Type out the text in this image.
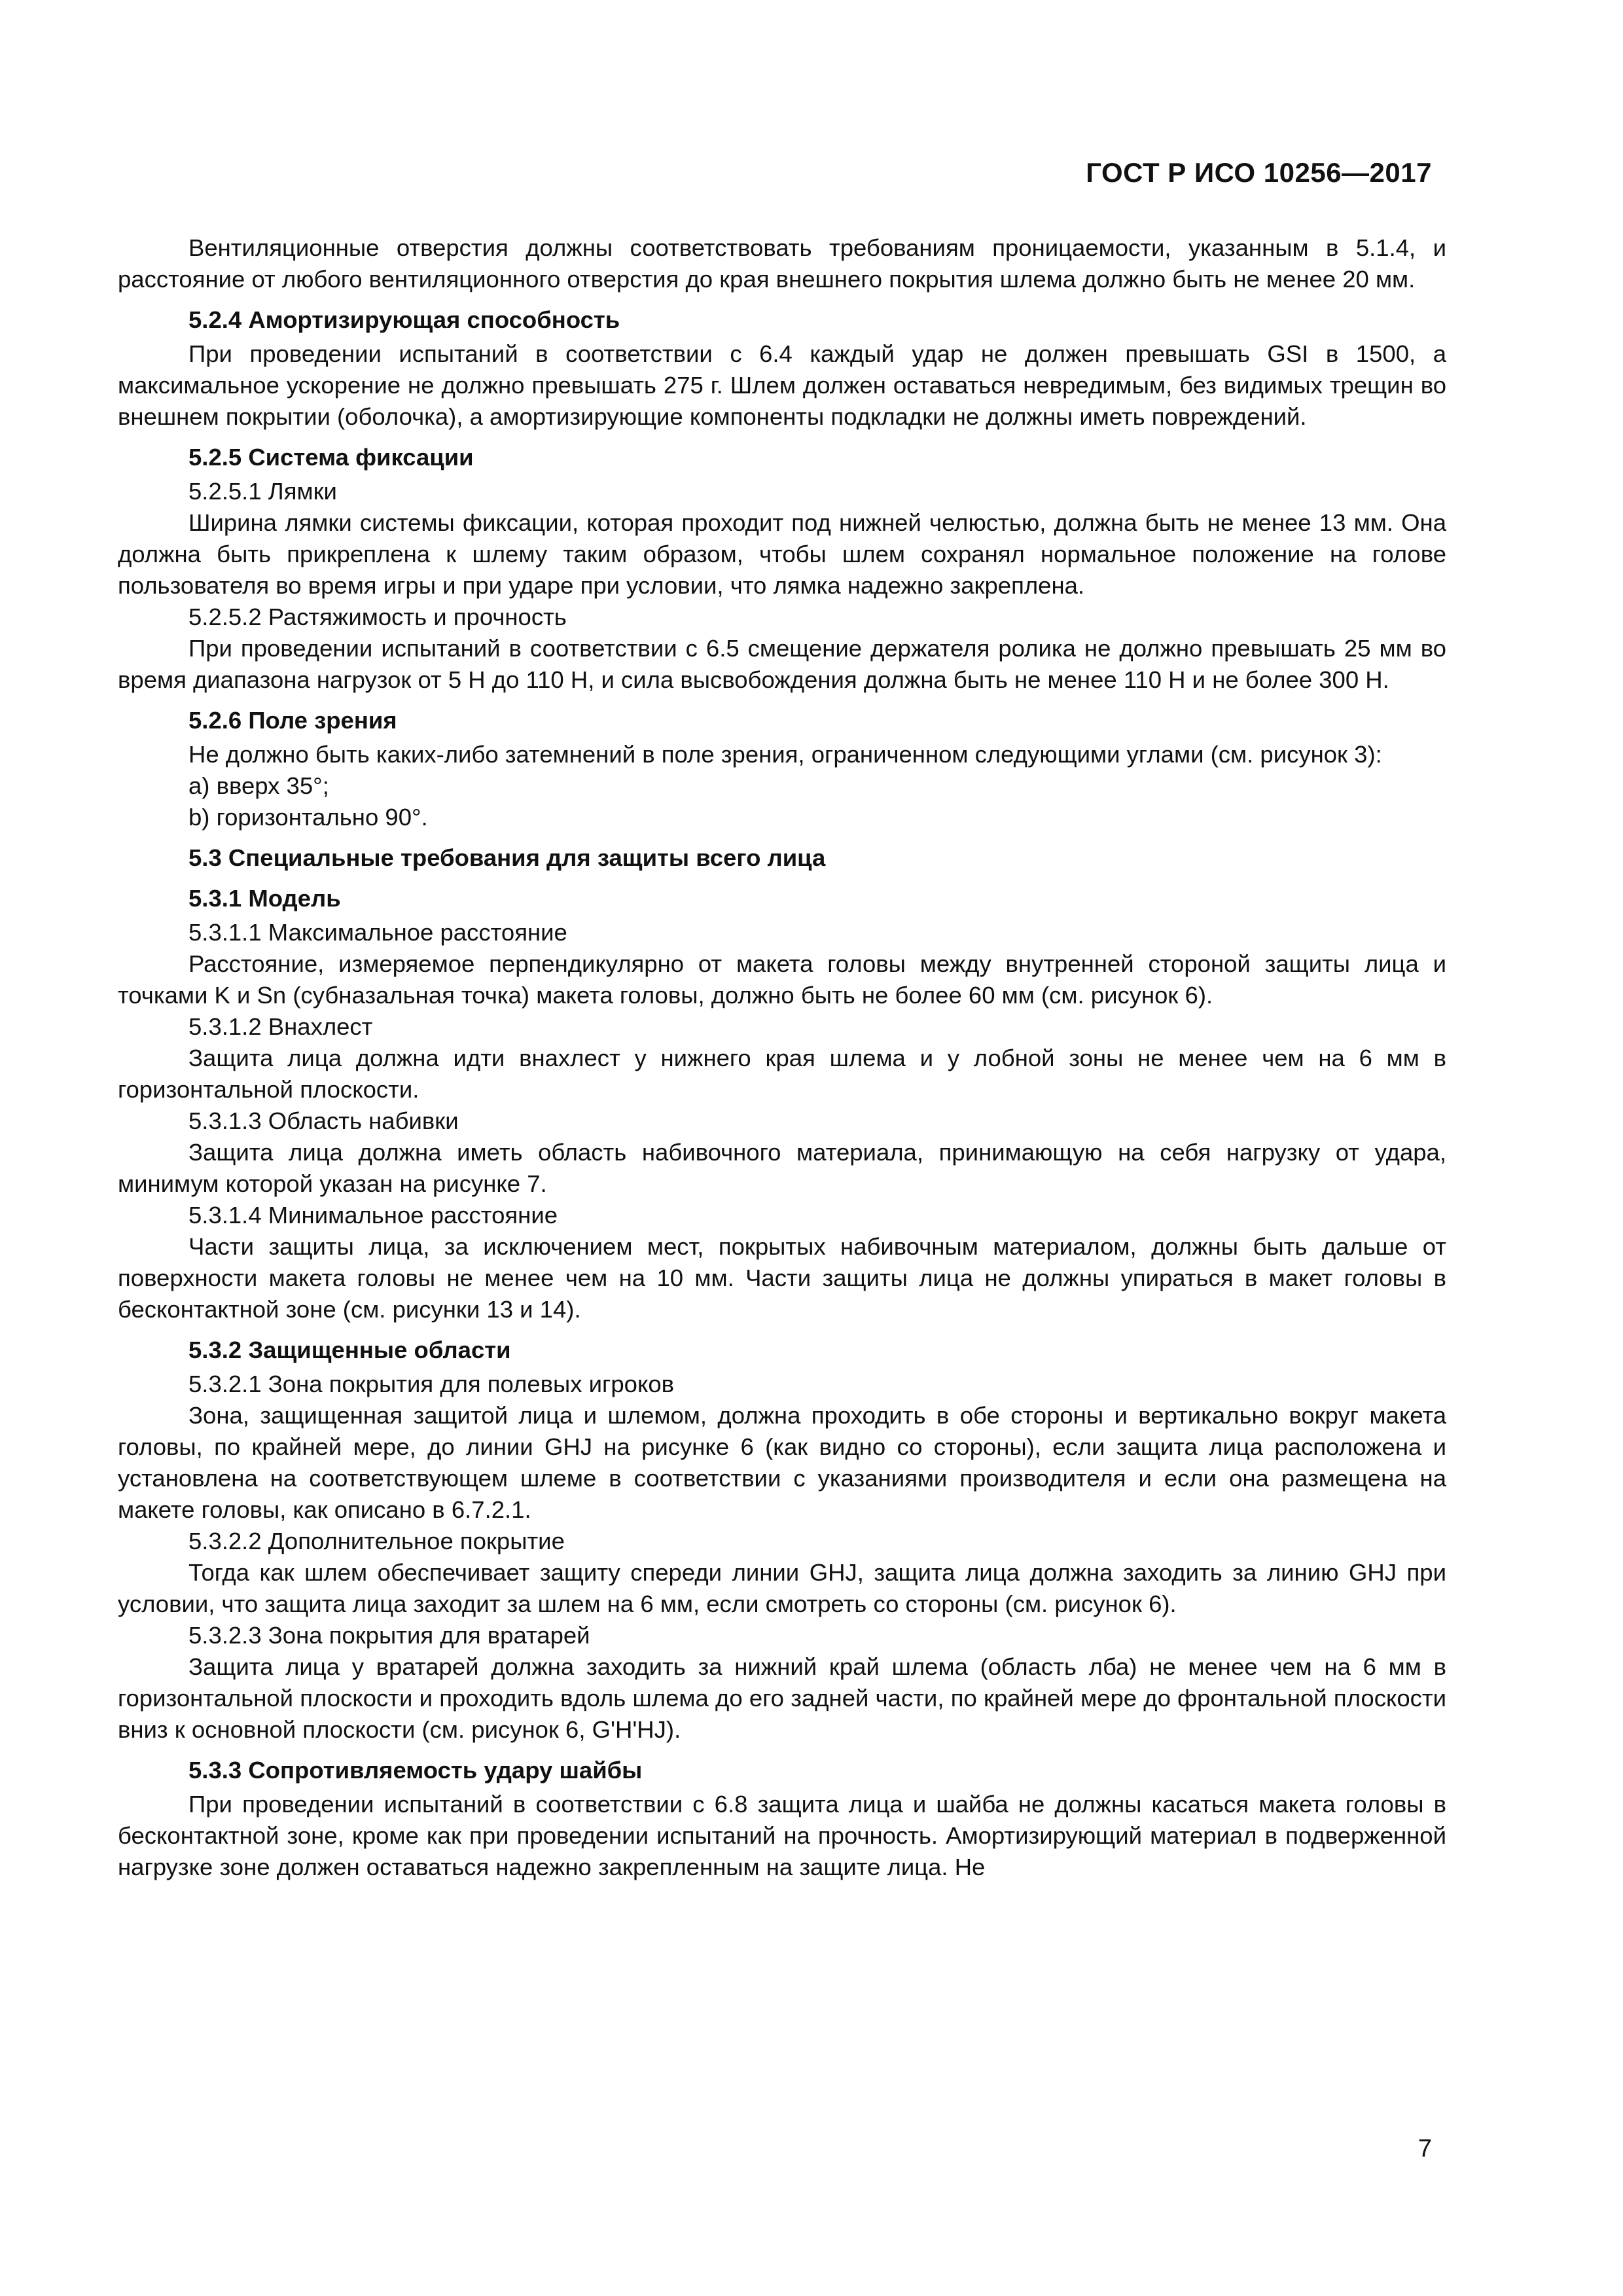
ГОСТ Р ИСО 10256—2017

Вентиляционные отверстия должны соответствовать требованиям проницаемости, указанным в 5.1.4, и расстояние от любого вентиляционного отверстия до края внешнего покрытия шлема должно быть не менее 20 мм.

5.2.4 Амортизирующая способность

При проведении испытаний в соответствии с 6.4 каждый удар не должен превышать GSI в 1500, а максимальное ускорение не должно превышать 275 г. Шлем должен оставаться невредимым, без видимых трещин во внешнем покрытии (оболочка), а амортизирующие компоненты подкладки не должны иметь повреждений.

5.2.5 Система фиксации

5.2.5.1 Лямки

Ширина лямки системы фиксации, которая проходит под нижней челюстью, должна быть не менее 13 мм. Она должна быть прикреплена к шлему таким образом, чтобы шлем сохранял нормальное положение на голове пользователя во время игры и при ударе при условии, что лямка надежно закреплена.

5.2.5.2 Растяжимость и прочность

При проведении испытаний в соответствии с 6.5 смещение держателя ролика не должно превышать 25 мм во время диапазона нагрузок от 5 Н до 110 Н, и сила высвобождения должна быть не менее 110 Н и не более 300 Н.

5.2.6 Поле зрения

Не должно быть каких-либо затемнений в поле зрения, ограниченном следующими углами (см. рисунок 3):

a) вверх 35°;

b) горизонтально 90°.

5.3 Специальные требования для защиты всего лица

5.3.1 Модель

5.3.1.1 Максимальное расстояние

Расстояние, измеряемое перпендикулярно от макета головы между внутренней стороной защиты лица и точками K и Sn (субназальная точка) макета головы, должно быть не более 60 мм (см. рисунок 6).

5.3.1.2 Внахлест

Защита лица должна идти внахлест у нижнего края шлема и у лобной зоны не менее чем на 6 мм в горизонтальной плоскости.

5.3.1.3 Область набивки

Защита лица должна иметь область набивочного материала, принимающую на себя нагрузку от удара, минимум которой указан на рисунке 7.

5.3.1.4 Минимальное расстояние

Части защиты лица, за исключением мест, покрытых набивочным материалом, должны быть дальше от поверхности макета головы не менее чем на 10 мм. Части защиты лица не должны упираться в макет головы в бесконтактной зоне (см. рисунки 13 и 14).

5.3.2 Защищенные области

5.3.2.1 Зона покрытия для полевых игроков

Зона, защищенная защитой лица и шлемом, должна проходить в обе стороны и вертикально вокруг макета головы, по крайней мере, до линии GHJ на рисунке 6 (как видно со стороны), если защита лица расположена и установлена на соответствующем шлеме в соответствии с указаниями производителя и если она размещена на макете головы, как описано в 6.7.2.1.

5.3.2.2 Дополнительное покрытие

Тогда как шлем обеспечивает защиту спереди линии GHJ, защита лица должна заходить за линию GHJ при условии, что защита лица заходит за шлем на 6 мм, если смотреть со стороны (см. рисунок 6).

5.3.2.3 Зона покрытия для вратарей

Защита лица у вратарей должна заходить за нижний край шлема (область лба) не менее чем на 6 мм в горизонтальной плоскости и проходить вдоль шлема до его задней части, по крайней мере до фронтальной плоскости вниз к основной плоскости (см. рисунок 6, G'H'HJ).

5.3.3 Сопротивляемость удару шайбы

При проведении испытаний в соответствии с 6.8 защита лица и шайба не должны касаться макета головы в бесконтактной зоне, кроме как при проведении испытаний на прочность. Амортизирующий материал в подверженной нагрузке зоне должен оставаться надежно закрепленным на защите лица. Не

7
